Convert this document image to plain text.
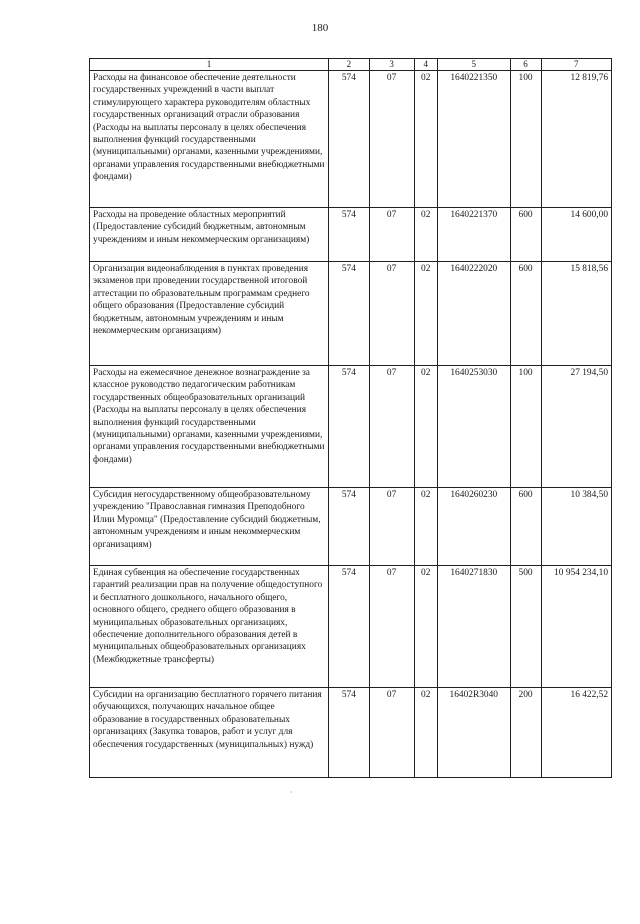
180
1	2	3	4	5	6	7
Расходы на финансовое обеспечение деятельности государственных учреждений в части выплат стимулирующего характера руководителям областных государственных организаций отрасли образования (Расходы на выплаты персоналу в целях обеспечения выполнения функций государственными (муниципальными) органами, казенными учреждениями, органами управления государственными внебюджетными фондами)	574	07	02	1640221350	100	12 819,76
Расходы на проведение областных мероприятий (Предоставление субсидий бюджетным, автономным учреждениям и иным некоммерческим организациям)	574	07	02	1640221370	600	14 600,00
Организация видеонаблюдения в пунктах проведения экзаменов при проведении государственной итоговой аттестации по образовательным программам среднего общего образования (Предоставление субсидий бюджетным, автономным учреждениям и иным некоммерческим организациям)	574	07	02	1640222020	600	15 818,56
Расходы на ежемесячное денежное вознаграждение за классное руководство педагогическим работникам государственных общеобразовательных организаций (Расходы на выплаты персоналу в целях обеспечения выполнения функций государственными (муниципальными) органами, казенными учреждениями, органами управления государственными внебюджетными фондами)	574	07	02	1640253030	100	27 194,50
Субсидия негосударственному общеобразовательному учреждению "Православная гимназия Преподобного Илии Муромца" (Предоставление субсидий бюджетным, автономным учреждениям и иным некоммерческим организациям)	574	07	02	1640260230	600	10 384,50
Единая субвенция на обеспечение государственных гарантий реализации прав на получение общедоступного и бесплатного дошкольного, начального общего, основного общего, среднего общего образования в муниципальных образовательных организациях, обеспечение дополнительного образования детей в муниципальных общеобразовательных организациях (Межбюджетные трансферты)	574	07	02	1640271830	500	10 954 234,10
Субсидии на организацию бесплатного горячего питания обучающихся, получающих начальное общее образование в государственных образовательных организациях (Закупка товаров, работ и услуг для обеспечения государственных (муниципальных) нужд)	574	07	02	16402R3040	200	16 422,52
·
